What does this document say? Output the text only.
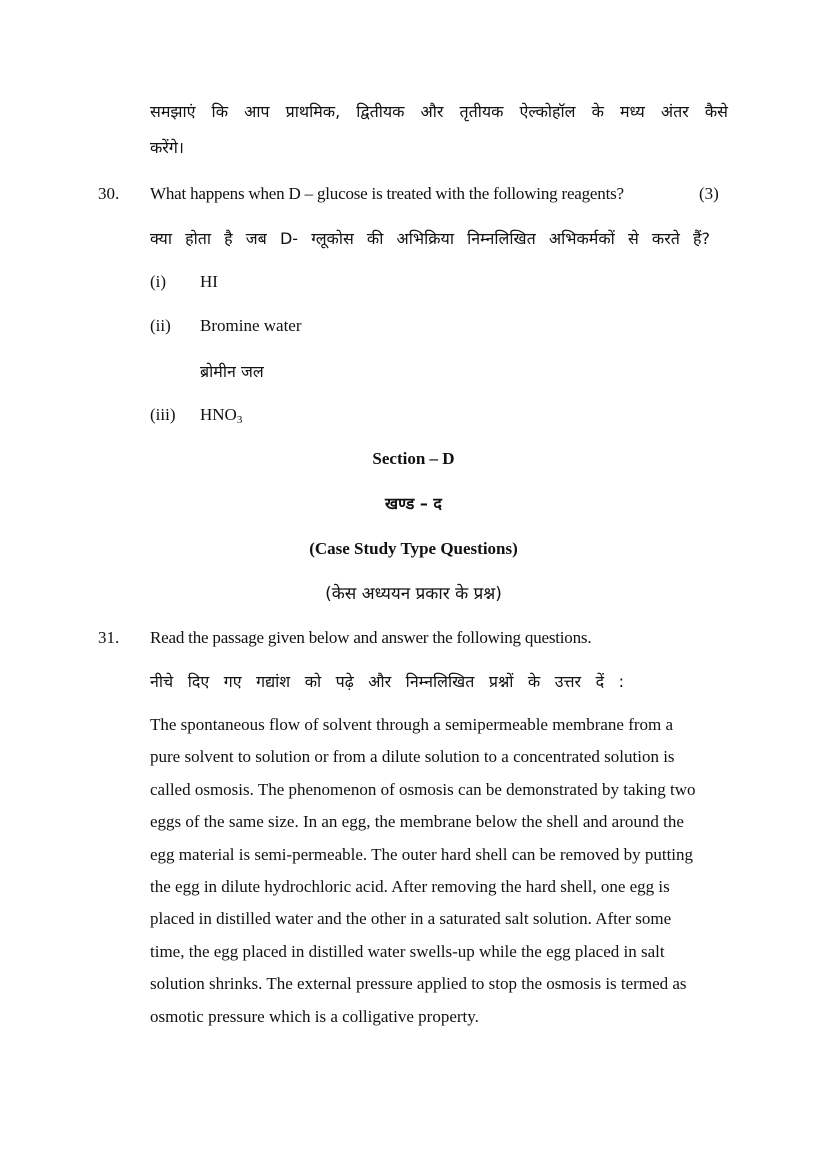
समझाएं कि आप प्राथमिक, द्वितीयक और तृतीयक ऐल्कोहॉल के मध्य अंतर कैसे
करेंगे।
30. What happens when D – glucose is treated with the following reagents?	(3)
क्या होता है जब D- ग्लूकोस की अभिक्रिया निम्नलिखित अभिकर्मकों से करते हैं?
(i) HI
(ii) Bromine water
ब्रोमीन जल
(iii) $HNO_3$
Section – D
खण्ड – द
(Case Study Type Questions)
(केस अध्ययन प्रकार के प्रश्न)
31. Read the passage given below and answer the following questions.
नीचे दिए गए गद्यांश को पढ़े और निम्नलिखित प्रश्नों के उत्तर दें :
The spontaneous flow of solvent through a semipermeable membrane from a
pure solvent to solution or from a dilute solution to a concentrated solution is
called osmosis. The phenomenon of osmosis can be demonstrated by taking two
eggs of the same size. In an egg, the membrane below the shell and around the
egg material is semi-permeable. The outer hard shell can be removed by putting
the egg in dilute hydrochloric acid. After removing the hard shell, one egg is
placed in distilled water and the other in a saturated salt solution. After some
time, the egg placed in distilled water swells-up while the egg placed in salt
solution shrinks. The external pressure applied to stop the osmosis is termed as
osmotic pressure which is a colligative property.
